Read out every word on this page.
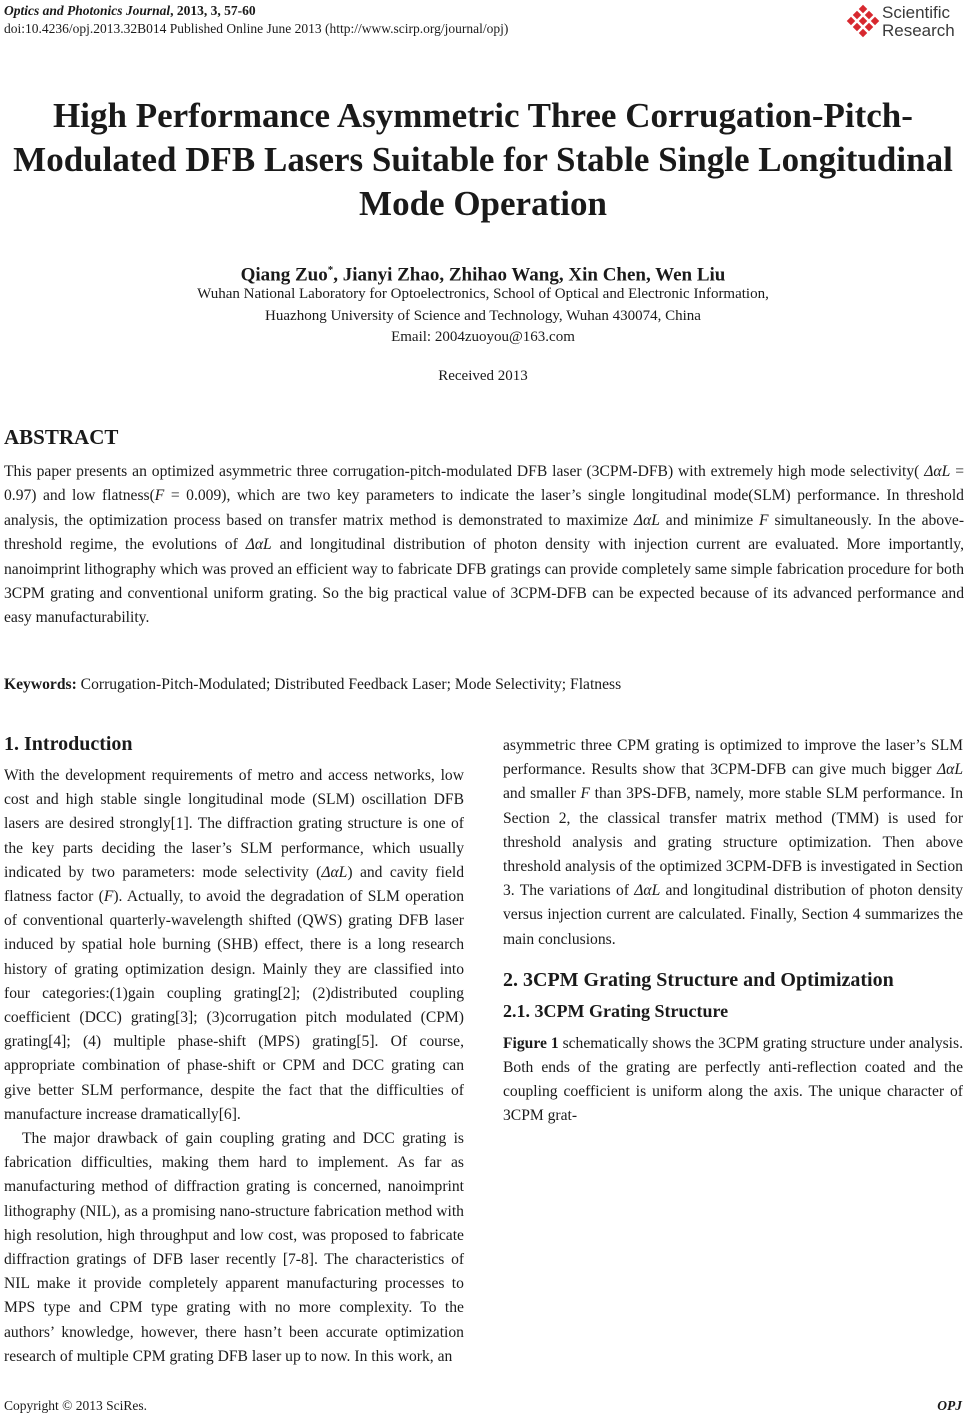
Optics and Photonics Journal, 2013, 3, 57-60
doi:10.4236/opj.2013.32B014 Published Online June 2013 (http://www.scirp.org/journal/opj)
Scientific
Research
High Performance Asymmetric Three Corrugation-Pitch-Modulated DFB Lasers Suitable for Stable Single Longitudinal Mode Operation
Qiang Zuo*, Jianyi Zhao, Zhihao Wang, Xin Chen, Wen Liu
Wuhan National Laboratory for Optoelectronics, School of Optical and Electronic Information,
Huazhong University of Science and Technology, Wuhan 430074, China
Email: 2004zuoyou@163.com
Received 2013
ABSTRACT
This paper presents an optimized asymmetric three corrugation-pitch-modulated DFB laser (3CPM-DFB) with extremely high mode selectivity( ΔαL = 0.97) and low flatness(F = 0.009), which are two key parameters to indicate the laser’s single longitudinal mode(SLM) performance. In threshold analysis, the optimization process based on transfer matrix method is demonstrated to maximize ΔαL and minimize F simultaneously. In the above-threshold regime, the evolutions of ΔαL and longitudinal distribution of photon density with injection current are evaluated. More importantly, nanoimprint lithography which was proved an efficient way to fabricate DFB gratings can provide completely same simple fabrication procedure for both 3CPM grating and conventional uniform grating. So the big practical value of 3CPM-DFB can be expected because of its advanced performance and easy manufacturability.
Keywords: Corrugation-Pitch-Modulated; Distributed Feedback Laser; Mode Selectivity; Flatness
1. Introduction

With the development requirements of metro and access networks, low cost and high stable single longitudinal mode (SLM) oscillation DFB lasers are desired strongly[1]. The diffraction grating structure is one of the key parts deciding the laser’s SLM performance, which usually indicated by two parameters: mode selectivity (ΔαL) and cavity field flatness factor (F). Actually, to avoid the degradation of SLM operation of conventional quarterly-wavelength shifted (QWS) grating DFB laser induced by spatial hole burning (SHB) effect, there is a long research history of grating optimization design. Mainly they are classified into four categories:(1)gain coupling grating[2]; (2)distributed coupling coefficient (DCC) grating[3]; (3)corrugation pitch modulated (CPM) grating[4]; (4) multiple phase-shift (MPS) grating[5]. Of course, appropriate combination of phase-shift or CPM and DCC grating can give better SLM performance, despite the fact that the difficulties of manufacture increase dramatically[6].

The major drawback of gain coupling grating and DCC grating is fabrication difficulties, making them hard to implement. As far as manufacturing method of diffraction grating is concerned, nanoimprint lithography (NIL), as a promising nano-structure fabrication method with high resolution, high throughput and low cost, was proposed to fabricate diffraction gratings of DFB laser recently [7-8]. The characteristics of NIL make it provide completely apparent manufacturing processes to MPS type and CPM type grating with no more complexity. To the authors’ knowledge, however, there hasn’t been accurate optimization research of multiple CPM grating DFB laser up to now. In this work, an

asymmetric three CPM grating is optimized to improve the laser’s SLM performance. Results show that 3CPM-DFB can give much bigger ΔαL and smaller F than 3PS-DFB, namely, more stable SLM performance. In Section 2, the classical transfer matrix method (TMM) is used for threshold analysis and grating structure optimization. Then above threshold analysis of the optimized 3CPM-DFB is investigated in Section 3. The variations of ΔαL and longitudinal distribution of photon density versus injection current are calculated. Finally, Section 4 summarizes the main conclusions.

2. 3CPM Grating Structure and Optimization
2.1. 3CPM Grating Structure

Figure 1 schematically shows the 3CPM grating structure under analysis. Both ends of the grating are perfectly anti-reflection coated and the coupling coefficient is uniform along the axis. The unique character of 3CPM grat-

Copyright © 2013 SciRes.	OPJ
